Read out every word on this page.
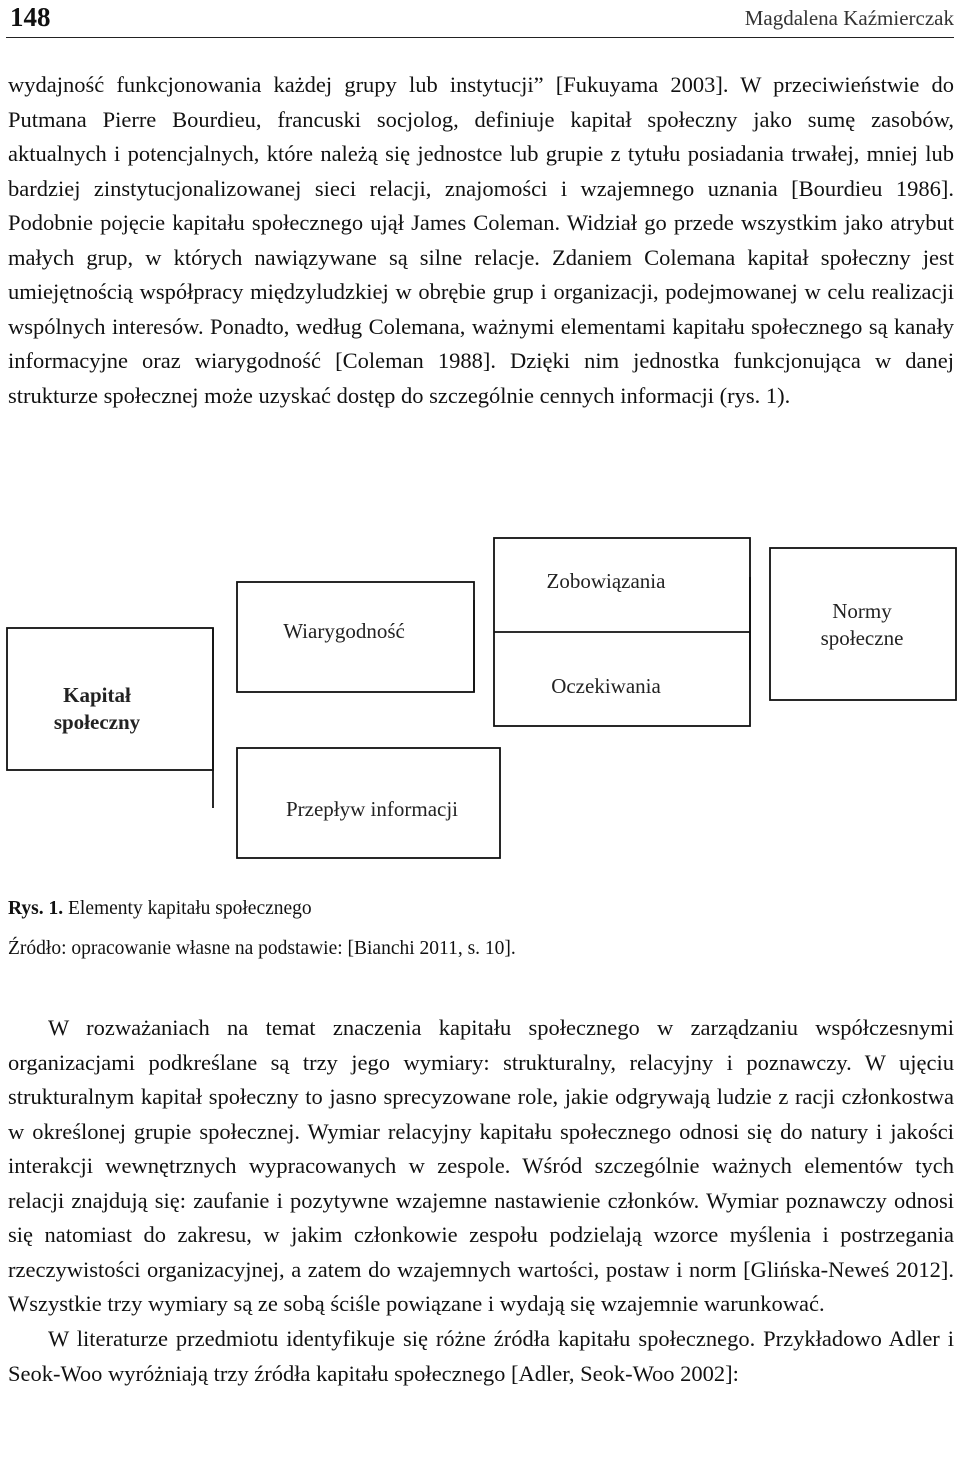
148	Magdalena Kaźmierczak

wydajność funkcjonowania każdej grupy lub instytucji” [Fukuyama 2003]. W przeciwieństwie do Putmana Pierre Bourdieu, francuski socjolog, definiuje kapitał społeczny jako sumę zasobów, aktualnych i potencjalnych, które należą się jednostce lub grupie z tytułu posiadania trwałej, mniej lub bardziej zinstytucjonalizowanej sieci relacji, znajomości i wzajemnego uznania [Bourdieu 1986]. Podobnie pojęcie kapitału społecznego ujął James Coleman. Widział go przede wszystkim jako atrybut małych grup, w których nawiązywane są silne relacje. Zdaniem Colemana kapitał społeczny jest umiejętnością współpracy międzyludzkiej w obrębie grup i organizacji, podejmowanej w celu realizacji wspólnych interesów. Ponadto, według Colemana, ważnymi elementami kapitału społecznego są kanały informacyjne oraz wiarygodność [Coleman 1988]. Dzięki nim jednostka funkcjonująca w danej strukturze społecznej może uzyskać dostęp do szczególnie cennych informacji (rys. 1).

Kapitał
społeczny
Wiarygodność
Zobowiązania
Oczekiwania
Normy
społeczne
Przepływ informacji
Rys. 1. Elementy kapitału społecznego
Źródło: opracowanie własne na podstawie: [Bianchi 2011, s. 10].

W rozważaniach na temat znaczenia kapitału społecznego w zarządzaniu współczesnymi organizacjami podkreślane są trzy jego wymiary: strukturalny, relacyjny i poznawczy. W ujęciu strukturalnym kapitał społeczny to jasno sprecyzowane role, jakie odgrywają ludzie z racji członkostwa w określonej grupie społecznej. Wymiar relacyjny kapitału społecznego odnosi się do natury i jakości interakcji wewnętrznych wypracowanych w zespole. Wśród szczególnie ważnych elementów tych relacji znajdują się: zaufanie i pozytywne wzajemne nastawienie członków. Wymiar poznawczy odnosi się natomiast do zakresu, w jakim członkowie zespołu podzielają wzorce myślenia i postrzegania rzeczywistości organizacyjnej, a zatem do wzajemnych wartości, postaw i norm [Glińska-Neweś 2012]. Wszystkie trzy wymiary są ze sobą ściśle powiązane i wydają się wzajemnie warunkować.

W literaturze przedmiotu identyfikuje się różne źródła kapitału społecznego. Przykładowo Adler i Seok-Woo wyróżniają trzy źródła kapitału społecznego [Adler, Seok-Woo 2002]:
